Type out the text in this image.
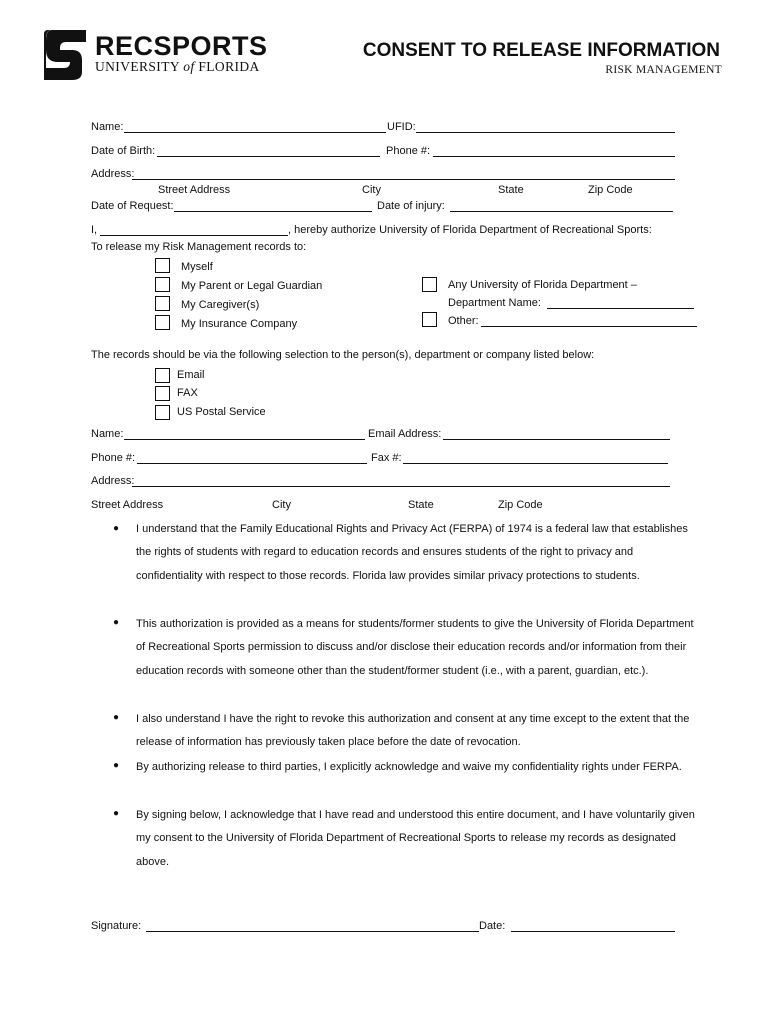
RECSPORTS
UNIVERSITY of FLORIDA
CONSENT TO RELEASE INFORMATION
RISK MANAGEMENT
Name:	UFID:
Date of Birth:	Phone #:
Address:
Street Address	City	State	Zip Code
Date of Request:	Date of injury:
I,	, hereby authorize University of Florida Department of Recreational Sports:
To release my Risk Management records to:
Myself
My Parent or Legal Guardian
My Caregiver(s)
My Insurance Company
Any University of Florida Department –
Department Name:
Other:
The records should be via the following selection to the person(s), department or company listed below:
Email
FAX
US Postal Service
Name:	Email Address:
Phone #:	Fax #:
Address:
Street Address	City	State	Zip Code
● I understand that the Family Educational Rights and Privacy Act (FERPA) of 1974 is a federal law that establishes the rights of students with regard to education records and ensures students of the right to privacy and confidentiality with respect to those records. Florida law provides similar privacy protections to students.
● This authorization is provided as a means for students/former students to give the University of Florida Department of Recreational Sports permission to discuss and/or disclose their education records and/or information from their education records with someone other than the student/former student (i.e., with a parent, guardian, etc.).
● I also understand I have the right to revoke this authorization and consent at any time except to the extent that the release of information has previously taken place before the date of revocation.
● By authorizing release to third parties, I explicitly acknowledge and waive my confidentiality rights under FERPA.
● By signing below, I acknowledge that I have read and understood this entire document, and I have voluntarily given my consent to the University of Florida Department of Recreational Sports to release my records as designated above.
Signature:	Date:
